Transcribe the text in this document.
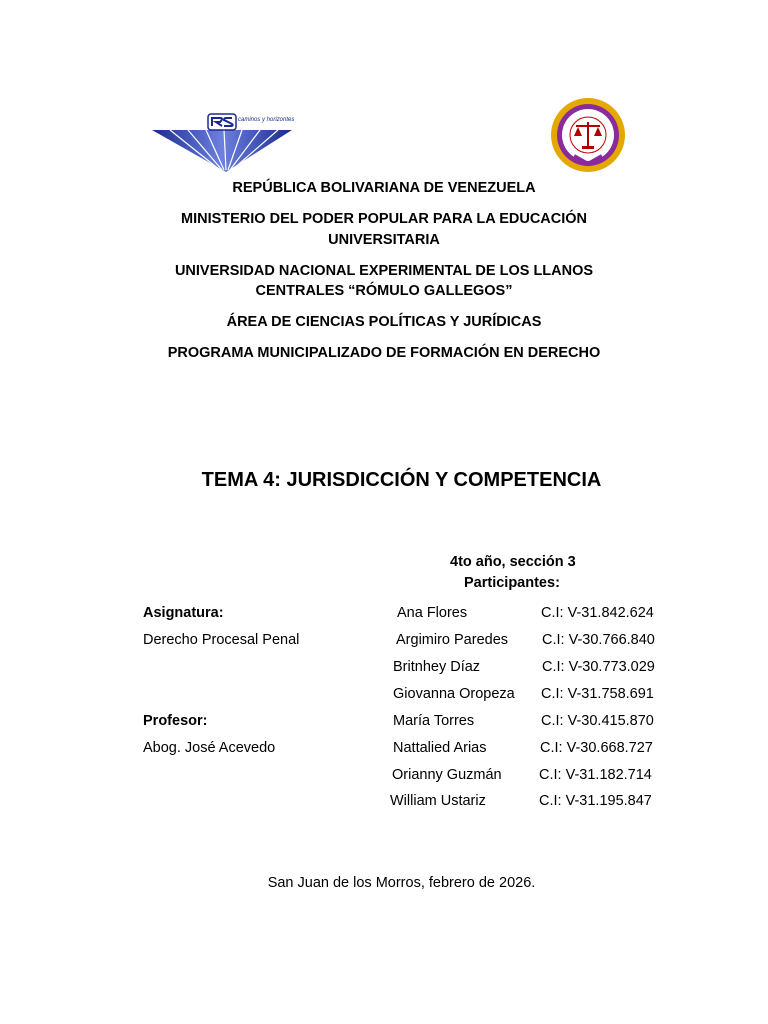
caminos y horizontes
REPÚBLICA BOLIVARIANA DE VENEZUELA
MINISTERIO DEL PODER POPULAR PARA LA EDUCACIÓN
UNIVERSITARIA
UNIVERSIDAD NACIONAL EXPERIMENTAL DE LOS LLANOS
CENTRALES “RÓMULO GALLEGOS”
ÁREA DE CIENCIAS POLÍTICAS Y JURÍDICAS
PROGRAMA MUNICIPALIZADO DE FORMACIÓN EN DERECHO
TEMA 4: JURISDICCIÓN Y COMPETENCIA
4to año, sección 3
Participantes:
Asignatura:
Derecho Procesal Penal
Profesor:
Abog. José Acevedo
Ana Flores	C.I: V-31.842.624
Argimiro Paredes C.I: V-30.766.840
Britnhey Díaz	C.I: V-30.773.029
Giovanna Oropeza C.I: V-31.758.691
María Torres	C.I: V-30.415.870
Nattalied Arias	C.I: V-30.668.727
Orianny Guzmán	C.I: V-31.182.714
William Ustariz	C.I: V-31.195.847
San Juan de los Morros, febrero de 2026.
